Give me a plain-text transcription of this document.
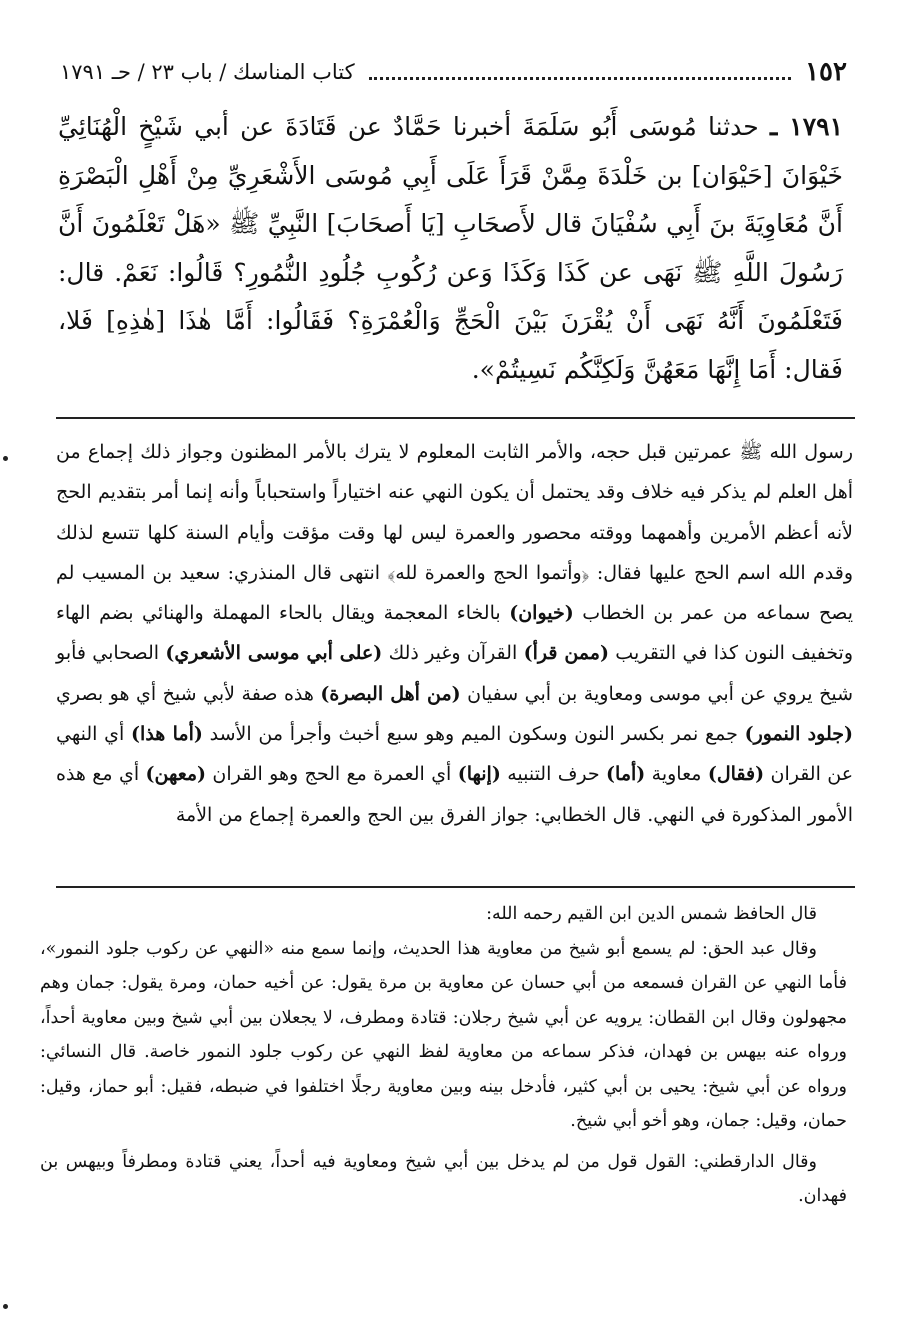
١٥٢
كتاب المناسك / باب ٢٣ / حـ ١٧٩١
١٧٩١ ـ حدثنا مُوسَى أَبُو سَلَمَةَ أخبرنا حَمَّادٌ عن قَتَادَةَ عن أبي شَيْخٍ الْهُنَائِيِّ خَيْوَانَ [حَيْوَان] بن خَلْدَةَ مِمَّنْ قَرَأَ عَلَى أَبِي مُوسَى الأَشْعَرِيِّ مِنْ أَهْلِ الْبَصْرَةِ أَنَّ مُعَاوِيَةَ بنَ أَبِي سُفْيَانَ قال لأَصحَابِ [يَا أَصحَابَ] النَّبِيِّ ﷺ «هَلْ تَعْلَمُونَ أَنَّ رَسُولَ اللَّهِ ﷺ نَهَى عن كَذَا وَكَذَا وَعن رُكُوبِ جُلُودِ النُّمُورِ؟ قَالُوا: نَعَمْ. قال: فَتَعْلَمُونَ أَنَّهُ نَهَى أَنْ يُقْرَنَ بَيْنَ الْحَجِّ وَالْعُمْرَةِ؟ فَقَالُوا: أَمَّا هٰذَا [هٰذِهِ] فَلا، فَقال: أَمَا إِنَّهَا مَعَهُنَّ وَلَكِنَّكُم نَسِيتُمْ».
رسول الله ﷺ عمرتين قبل حجه، والأمر الثابت المعلوم لا يترك بالأمر المظنون وجواز ذلك إجماع من أهل العلم لم يذكر فيه خلاف وقد يحتمل أن يكون النهي عنه اختياراً واستحباباً وأنه إنما أمر بتقديم الحج لأنه أعظم الأمرين وأهمهما ووقته محصور والعمرة ليس لها وقت مؤقت وأيام السنة كلها تتسع لذلك وقدم الله اسم الحج عليها فقال: ﴿وأتموا الحج والعمرة لله﴾ انتهى قال المنذري: سعيد بن المسيب لم يصح سماعه من عمر بن الخطاب (خيوان) بالخاء المعجمة ويقال بالحاء المهملة والهنائي بضم الهاء وتخفيف النون كذا في التقريب (ممن قرأ) القرآن وغير ذلك (على أبي موسى الأشعري) الصحابي فأبو شيخ يروي عن أبي موسى ومعاوية بن أبي سفيان (من أهل البصرة) هذه صفة لأبي شيخ أي هو بصري (جلود النمور) جمع نمر بكسر النون وسكون الميم وهو سبع أخبث وأجرأ من الأسد (أما هذا) أي النهي عن القران (فقال) معاوية (أما) حرف التنبيه (إنها) أي العمرة مع الحج وهو القران (معهن) أي مع هذه الأمور المذكورة في النهي. قال الخطابي: جواز الفرق بين الحج والعمرة إجماع من الأمة

قال الحافظ شمس الدين ابن القيم رحمه الله:

وقال عبد الحق: لم يسمع أبو شيخ من معاوية هذا الحديث، وإنما سمع منه «النهي عن ركوب جلود النمور»، فأما النهي عن القران فسمعه من أبي حسان عن معاوية بن مرة يقول: عن أخيه حمان، ومرة يقول: جمان وهم مجهولون وقال ابن القطان: يرويه عن أبي شيخ رجلان: قتادة ومطرف، لا يجعلان بين أبي شيخ وبين معاوية أحداً، ورواه عنه بيهس بن فهدان، فذكر سماعه من معاوية لفظ النهي عن ركوب جلود النمور خاصة. قال النسائي: ورواه عن أبي شيخ: يحيى بن أبي كثير، فأدخل بينه وبين معاوية رجلًا اختلفوا في ضبطه، فقيل: أبو حماز، وقيل: حمان، وقيل: جمان، وهو أخو أبي شيخ.

وقال الدارقطني: القول قول من لم يدخل بين أبي شيخ ومعاوية فيه أحداً، يعني قتادة ومطرفاً وبيهس بن فهدان.
